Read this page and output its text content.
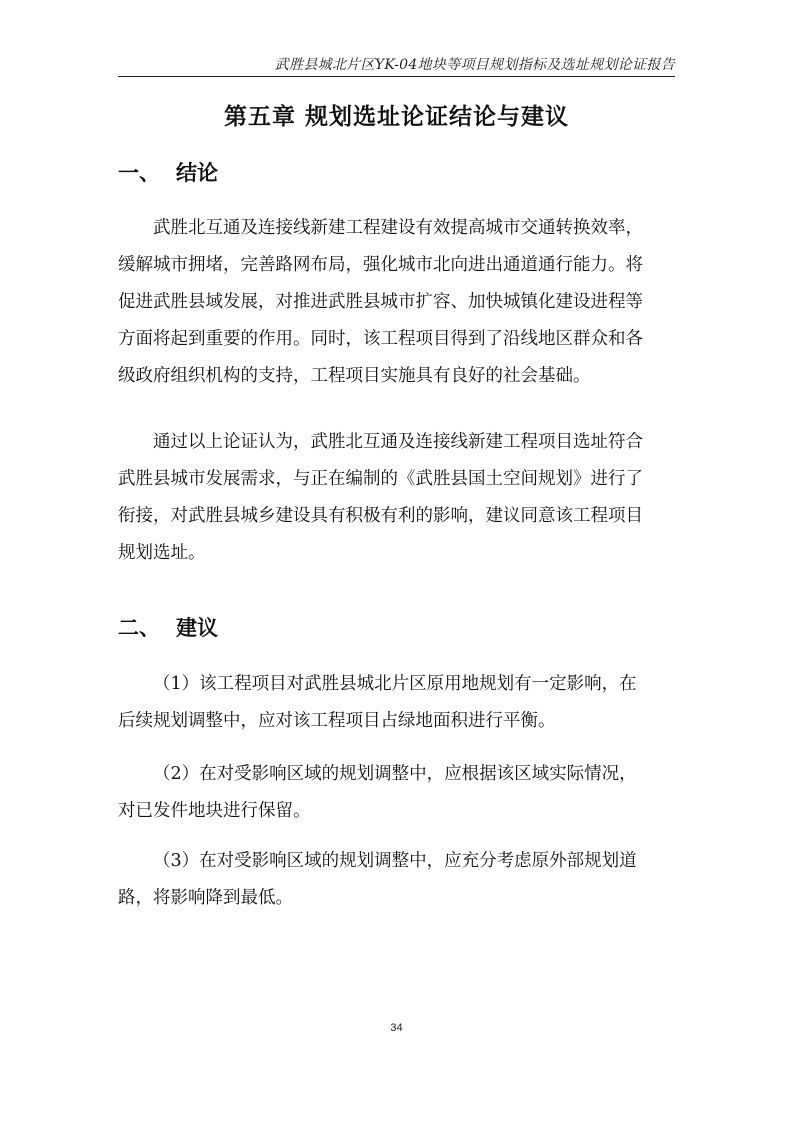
武胜县城北片区YK-04地块等项目规划指标及选址规划论证报告
第五章 规划选址论证结论与建议
一、 结论
武胜北互通及连接线新建工程建设有效提高城市交通转换效率，
缓解城市拥堵，完善路网布局，强化城市北向进出通道通行能力。将
促进武胜县域发展，对推进武胜县城市扩容、加快城镇化建设进程等
方面将起到重要的作用。同时，该工程项目得到了沿线地区群众和各
级政府组织机构的支持，工程项目实施具有良好的社会基础。
通过以上论证认为，武胜北互通及连接线新建工程项目选址符合
武胜县城市发展需求，与正在编制的《武胜县国土空间规划》进行了
衔接，对武胜县城乡建设具有积极有利的影响，建议同意该工程项目
规划选址。
二、 建议
（1）该工程项目对武胜县城北片区原用地规划有一定影响，在
后续规划调整中，应对该工程项目占绿地面积进行平衡。
（2）在对受影响区域的规划调整中，应根据该区域实际情况，
对已发件地块进行保留。
（3）在对受影响区域的规划调整中，应充分考虑原外部规划道
路，将影响降到最低。
34
